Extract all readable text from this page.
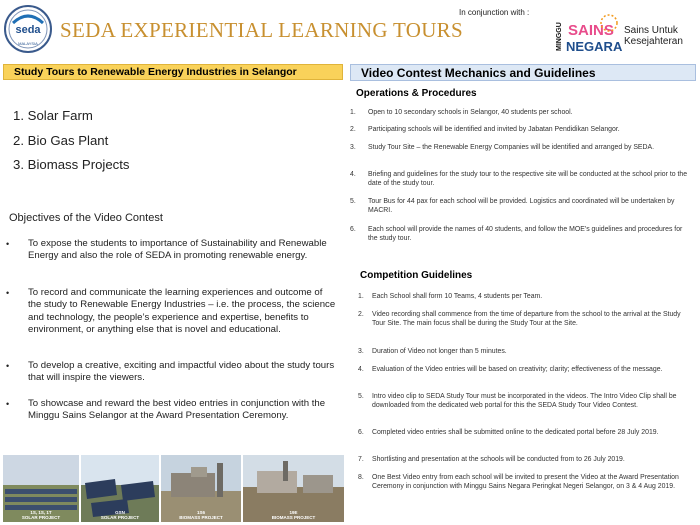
seda
MALAYSIA
SEDA EXPERIENTIAL LEARNING TOURS
In conjunction with :
MINGGU SAINS
NEGARA
Sains Untuk
Kesejahteran
Study Tours to Renewable Energy Industries in Selangor
1. Solar Farm
2. Bio Gas Plant
3. Biomass Projects
Objectives of the Video Contest
• To expose the students to importance of Sustainability and Renewable Energy and also the role of SEDA in promoting renewable energy.
• To record and communicate the learning experiences and outcome of the study to Renewable Energy Industries – i.e. the process, the science and technology, the people’s experience and expertise, benefits to environment, or anything else that is novel and educational.
• To develop a creative, exciting and impactful video about the study tours that will inspire the viewers.
• To showcase and reward the best video entries in conjunction with the Minggu Sains Selangor at the Award Presentation Ceremony.
1S, 1S, 1T
SOLAR PROJECT
GSN
SOLAR PROJECT
1S6
BIOMASS PROJECT
19E
BIOMASS PROJECT
Video Contest Mechanics and Guidelines
Operations & Procedures
1. Open to 10 secondary schools in Selangor, 40 students per school.
2. Participating schools will be identified and invited by Jabatan Pendidikan Selangor.
3. Study Tour Site – the Renewable Energy Companies will be identified and arranged by SEDA.
4. Briefing and guidelines for the study tour to the respective site will be conducted at the school prior to the date of the study tour.
5. Tour Bus for 44 pax for each school will be provided. Logistics and coordinated will be undertaken by MACRI.
6. Each school will provide the names of 40 students, and follow the MOE’s guidelines and procedures for the study tour.
Competition Guidelines
1. Each School shall form 10 Teams, 4 students per Team.
2. Video recording shall commence from the time of departure from the school to the arrival at the Study Tour Site. The main focus shall be during the Study Tour at the Site.
3. Duration of Video not longer than 5 minutes.
4. Evaluation of the Video entries will be based on creativity; clarity; effectiveness of the message.
5. Intro video clip to SEDA Study Tour must be incorporated in the videos. The Intro Video Clip shall be downloaded from the dedicated web portal for this the SEDA Study Tour Video Contest.
6. Completed video entries shall be submitted online to the dedicated portal before 28 July 2019.
7. Shortlisting and presentation at the schools will be conducted from to 26 July 2019.
8. One Best Video entry from each school will be invited to present the Video at the Award Presentation Ceremony in conjunction with Minggu Sains Negara Peringkat Negeri Selangor, on 3 & 4 Aug 2019.
